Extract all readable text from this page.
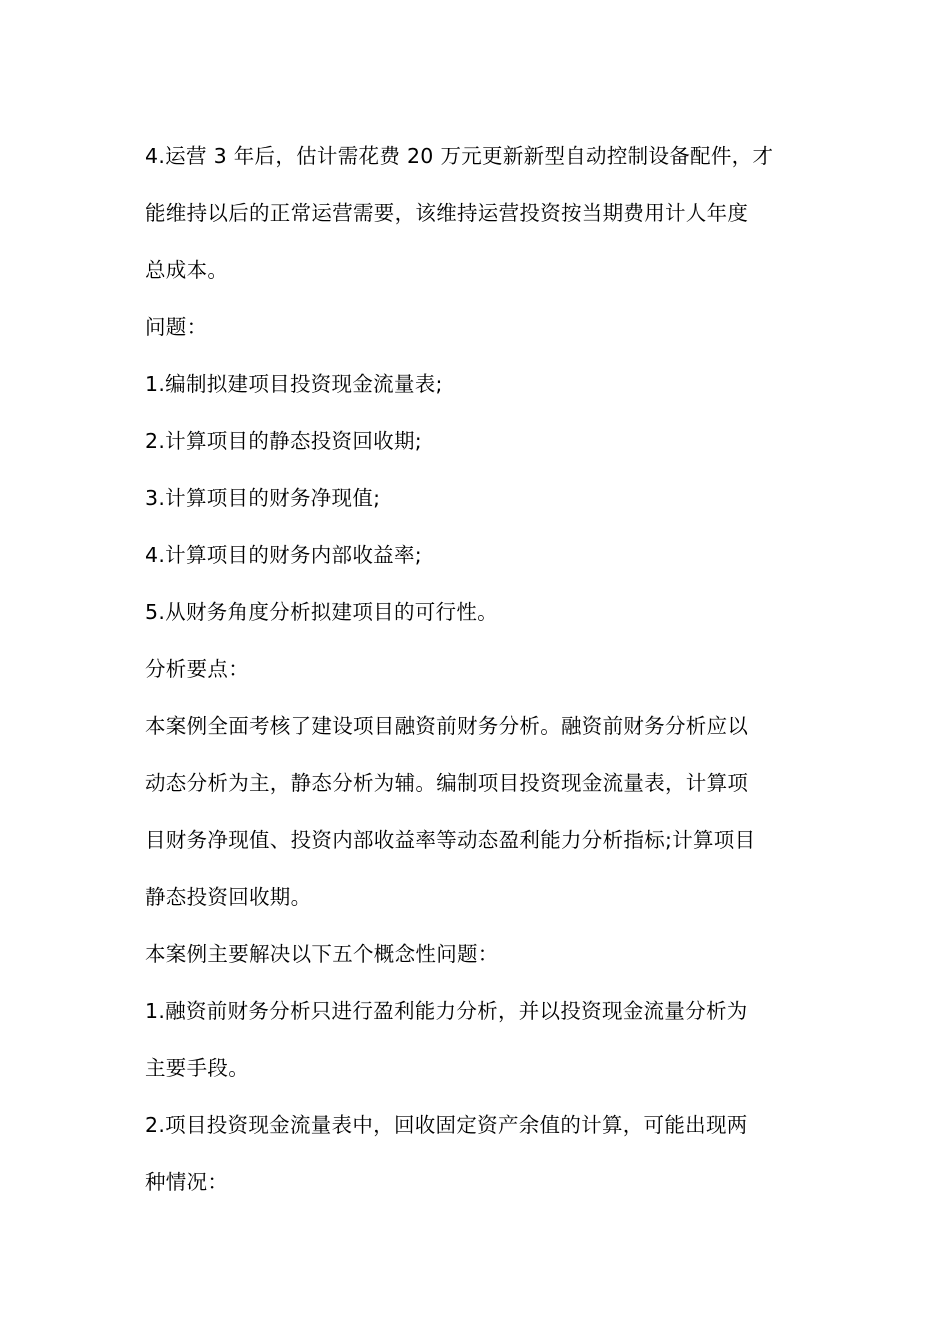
4.运营 3 年后，估计需花费 20 万元更新新型自动控制设备配件，才
能维持以后的正常运营需要，该维持运营投资按当期费用计人年度
总成本。
问题：
1.编制拟建项目投资现金流量表;
2.计算项目的静态投资回收期;
3.计算项目的财务净现值;
4.计算项目的财务内部收益率;
5.从财务角度分析拟建项目的可行性。
分析要点：
本案例全面考核了建设项目融资前财务分析。融资前财务分析应以
动态分析为主，静态分析为辅。编制项目投资现金流量表，计算项
目财务净现值、投资内部收益率等动态盈利能力分析指标;计算项目
静态投资回收期。
本案例主要解决以下五个概念性问题：
1.融资前财务分析只进行盈利能力分析，并以投资现金流量分析为
主要手段。
2.项目投资现金流量表中，回收固定资产余值的计算，可能出现两
种情况：
